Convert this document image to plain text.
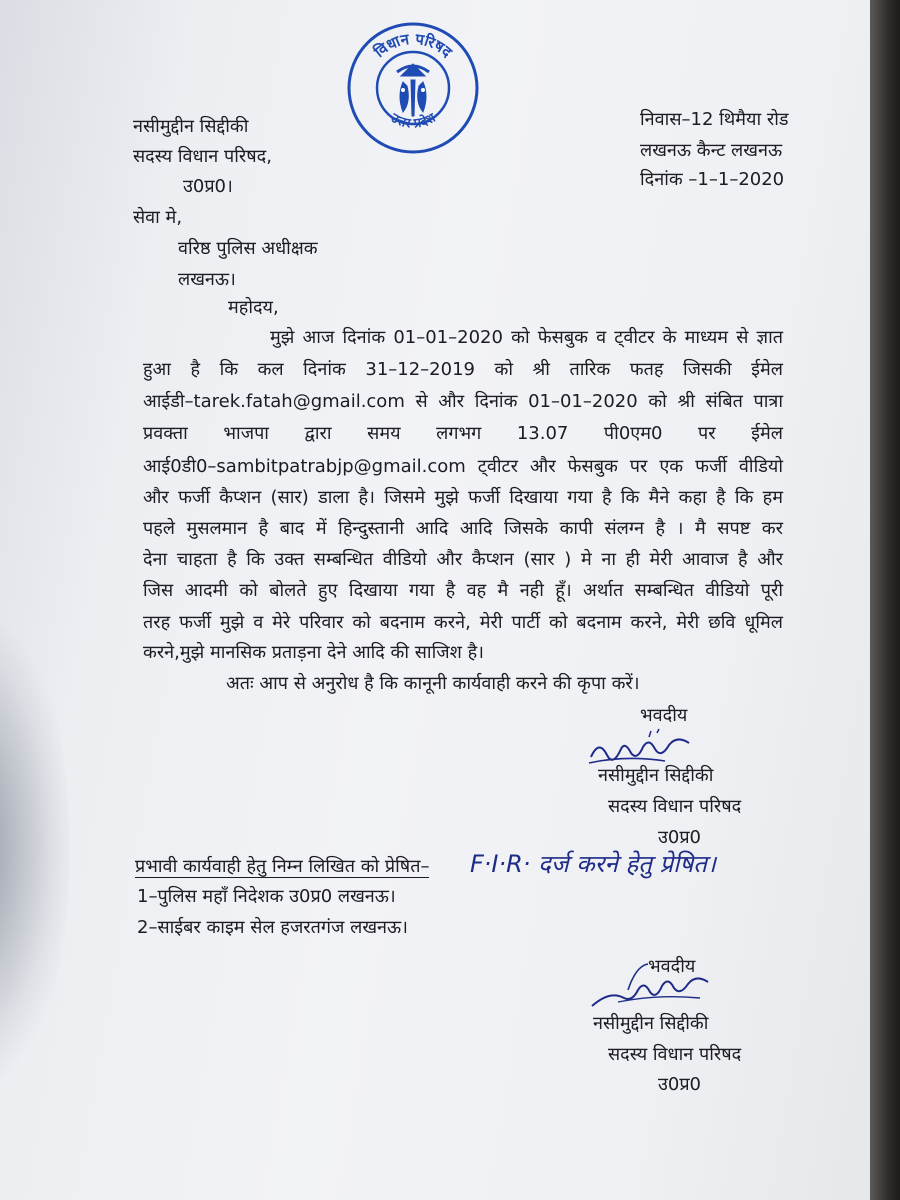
विधान परिषद
उत्तर प्रदेश
नसीमुद्दीन सिद्दीकी
सदस्य विधान परिषद,
उ0प्र0।
निवास–12 थिमैया रोड
लखनऊ कैन्ट लखनऊ
दिनांक –1–1–2020
सेवा मे,
वरिष्ठ पुलिस अधीक्षक
लखनऊ।
महोदय,
मुझे आज दिनांक 01–01–2020 को फेसबुक व ट्वीटर के माध्यम से ज्ञात
हुआ है कि कल दिनांक 31–12–2019 को श्री तारिक फतह जिसकी ईमेल
आईडी–tarek.fatah@gmail.com से और दिनांक 01–01–2020 को श्री संबित पात्रा
प्रवक्ता भाजपा द्वारा समय लगभग 13.07 पी0एम0 पर ईमेल
आई0डी0–sambitpatrabjp@gmail.com ट्वीटर और फेसबुक पर एक फर्जी वीडियो
और फर्जी कैप्शन (सार) डाला है। जिसमे मुझे फर्जी दिखाया गया है कि मैने कहा है कि हम
पहले मुसलमान है बाद में हिन्दुस्तानी आदि आदि जिसके कापी संलग्न है । मै सपष्ट कर
देना चाहता है कि उक्त सम्बन्धित वीडियो और कैप्शन (सार ) मे ना ही मेरी आवाज है और
जिस आदमी को बोलते हुए दिखाया गया है वह मै नही हूँ। अर्थात सम्बन्धित वीडियो पूरी
तरह फर्जी मुझे व मेरे परिवार को बदनाम करने, मेरी पार्टी को बदनाम करने, मेरी छवि धूमिल
करने,मुझे मानसिक प्रताड़ना देने आदि की साजिश है।
अतः आप से अनुरोध है कि कानूनी कार्यवाही करने की कृपा करें।
भवदीय
नसीमुद्दीन सिद्दीकी
सदस्य विधान परिषद
उ0प्र0
प्रभावी कार्यवाही हेतु निम्न लिखित को प्रेषित– F·I·R· दर्ज करने हेतु प्रेषित।
1–पुलिस महाँ निदेशक उ0प्र0 लखनऊ।
2–साईबर काइम सेल हजरतगंज लखनऊ।
भवदीय
नसीमुद्दीन सिद्दीकी
सदस्य विधान परिषद
उ0प्र0
